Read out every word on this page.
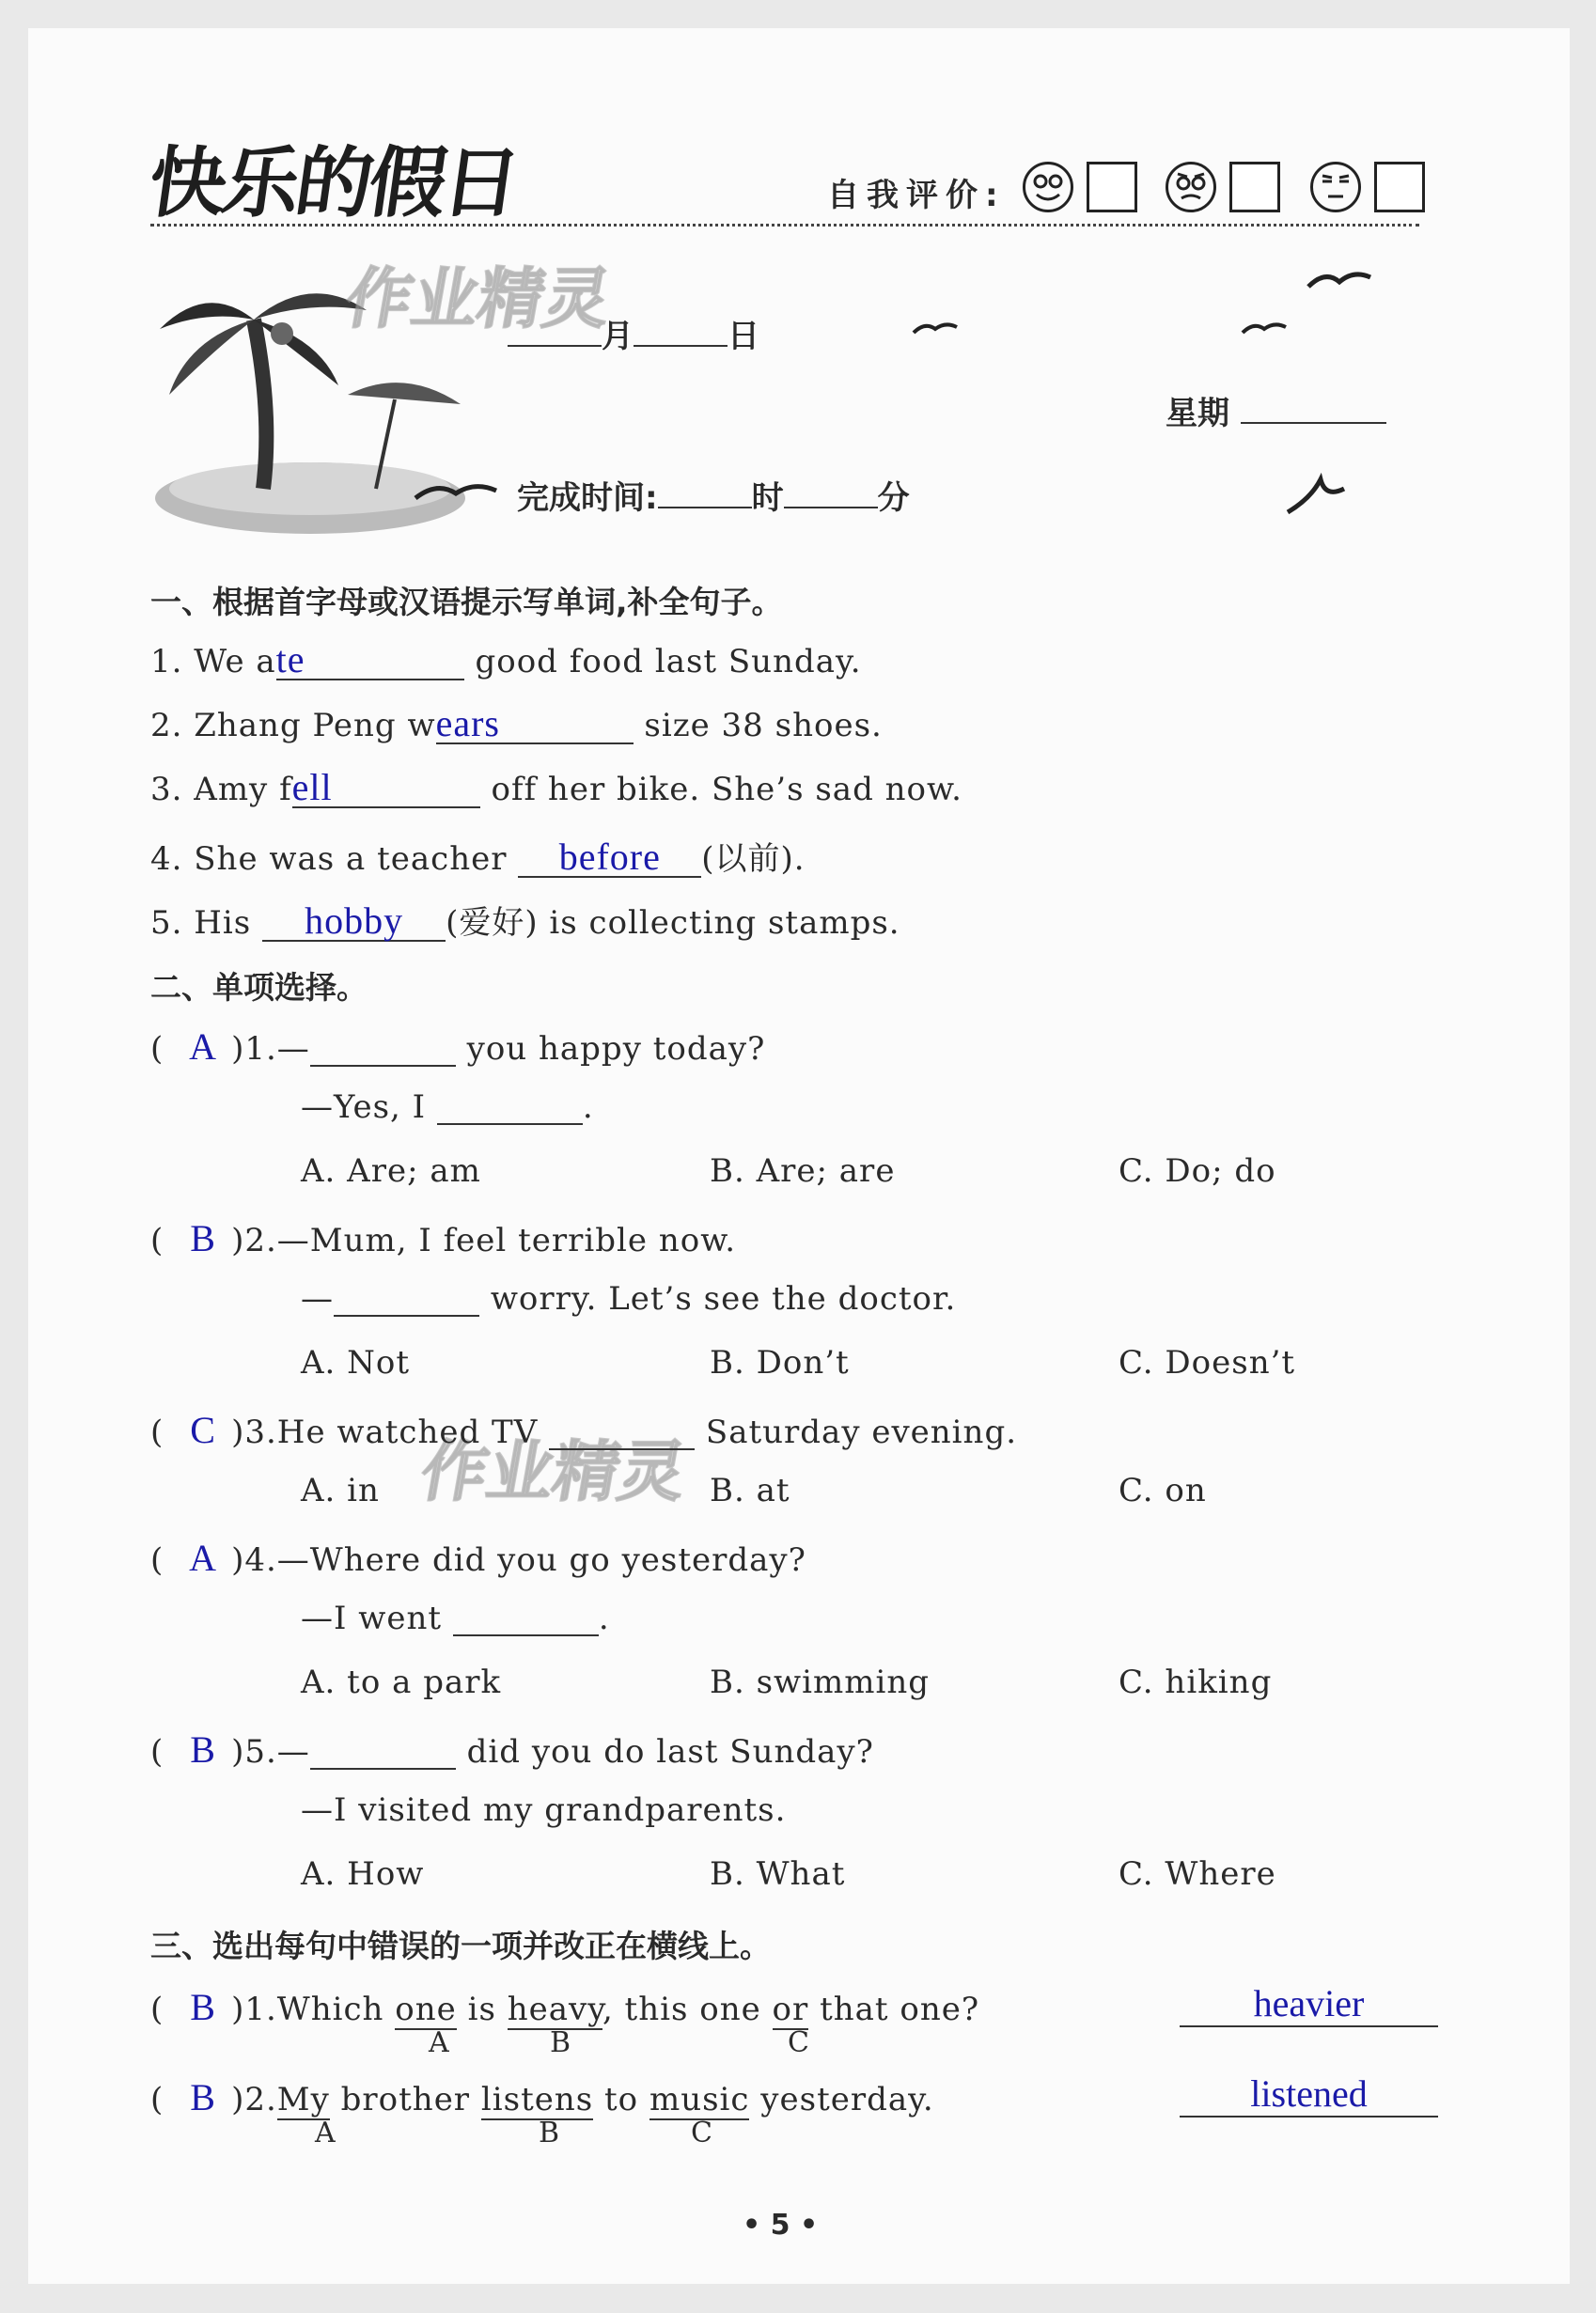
快乐的假日	自我评价:
月	日
星期
完成时间:	时	分
作业精灵
作业精灵
一、根据首字母或汉语提示写单词,补全句子。
1. We ate	good food last Sunday.
2. Zhang Peng wears	size 38 shoes.
3. Amy fell	off her bike. She’s sad now.
4. She was a teacher before (以前).
5. His hobby (爱好) is collecting stamps.
二、单项选择。
( A )1.—	you happy today?
—Yes, I	.
A. Are; am	B. Are; are	C. Do; do
( B )2.—Mum, I feel terrible now.
—	worry. Let’s see the doctor.
A. Not	B. Don’t	C. Doesn’t
( C )3.He watched TV	Saturday evening.
A. in	B. at	C. on
( A )4.—Where did you go yesterday?
—I went	.
A. to a park	B. swimming	C. hiking
( B )5.—	did you do last Sunday?
—I visited my grandparents.
A. How	B. What	C. Where
三、选出每句中错误的一项并改正在横线上。
( B )1.Which one is heavy, this one or that one?
A	B	C
heavier
( B )2.My brother listens to music yesterday.
A	B	C
listened
• 5 •
